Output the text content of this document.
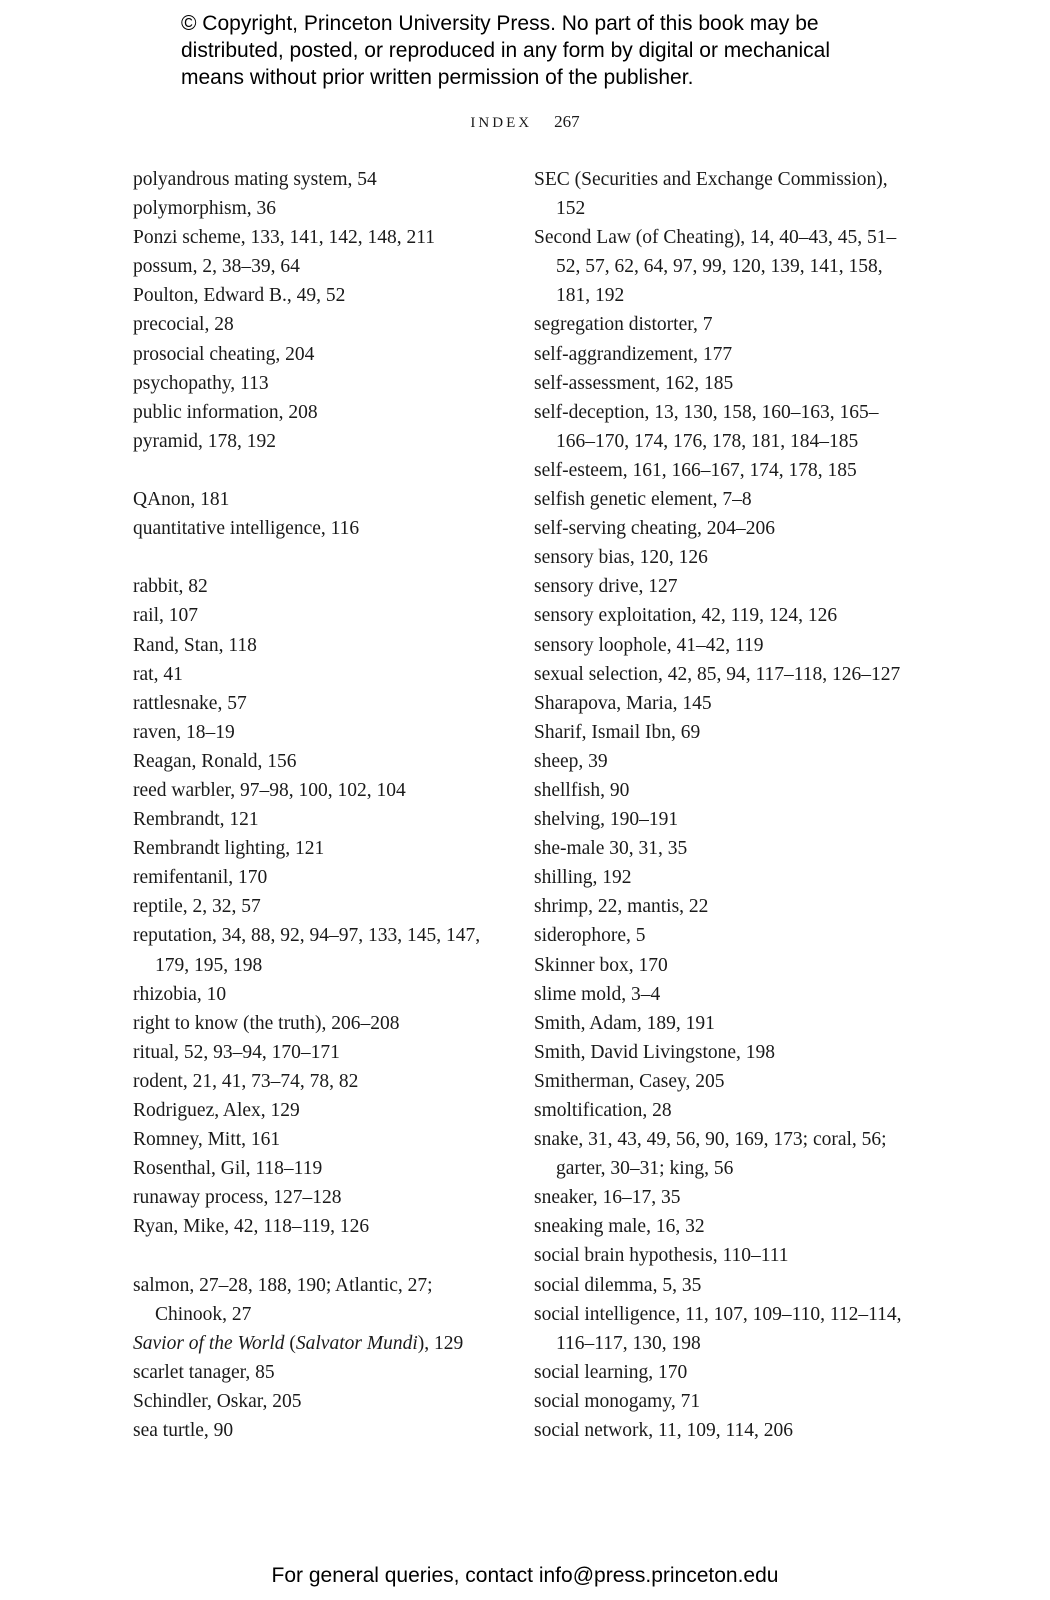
© Copyright, Princeton University Press. No part of this book may be
distributed, posted, or reproduced in any form by digital or mechanical
means without prior written permission of the publisher.
INDEX 267
polyandrous mating system, 54
polymorphism, 36
Ponzi scheme, 133, 141, 142, 148, 211
possum, 2, 38–39, 64
Poulton, Edward B., 49, 52
precocial, 28
prosocial cheating, 204
psychopathy, 113
public information, 208
pyramid, 178, 192
QAnon, 181
quantitative intelligence, 116
rabbit, 82
rail, 107
Rand, Stan, 118
rat, 41
rattlesnake, 57
raven, 18–19
Reagan, Ronald, 156
reed warbler, 97–98, 100, 102, 104
Rembrandt, 121
Rembrandt lighting, 121
remifentanil, 170
reptile, 2, 32, 57
reputation, 34, 88, 92, 94–97, 133, 145, 147, 179, 195, 198
rhizobia, 10
right to know (the truth), 206–208
ritual, 52, 93–94, 170–171
rodent, 21, 41, 73–74, 78, 82
Rodriguez, Alex, 129
Romney, Mitt, 161
Rosenthal, Gil, 118–119
runaway process, 127–128
Ryan, Mike, 42, 118–119, 126
salmon, 27–28, 188, 190; Atlantic, 27; Chinook, 27
Savior of the World (Salvator Mundi), 129
scarlet tanager, 85
Schindler, Oskar, 205
sea turtle, 90
SEC (Securities and Exchange Commission), 152
Second Law (of Cheating), 14, 40–43, 45, 51–52, 57, 62, 64, 97, 99, 120, 139, 141, 158, 181, 192
segregation distorter, 7
self-aggrandizement, 177
self-assessment, 162, 185
self-deception, 13, 130, 158, 160–163, 165–166–170, 174, 176, 178, 181, 184–185
self-esteem, 161, 166–167, 174, 178, 185
selfish genetic element, 7–8
self-serving cheating, 204–206
sensory bias, 120, 126
sensory drive, 127
sensory exploitation, 42, 119, 124, 126
sensory loophole, 41–42, 119
sexual selection, 42, 85, 94, 117–118, 126–127
Sharapova, Maria, 145
Sharif, Ismail Ibn, 69
sheep, 39
shellfish, 90
shelving, 190–191
she-male 30, 31, 35
shilling, 192
shrimp, 22, mantis, 22
siderophore, 5
Skinner box, 170
slime mold, 3–4
Smith, Adam, 189, 191
Smith, David Livingstone, 198
Smitherman, Casey, 205
smoltification, 28
snake, 31, 43, 49, 56, 90, 169, 173; coral, 56; garter, 30–31; king, 56
sneaker, 16–17, 35
sneaking male, 16, 32
social brain hypothesis, 110–111
social dilemma, 5, 35
social intelligence, 11, 107, 109–110, 112–114, 116–117, 130, 198
social learning, 170
social monogamy, 71
social network, 11, 109, 114, 206
For general queries, contact info@press.princeton.edu
